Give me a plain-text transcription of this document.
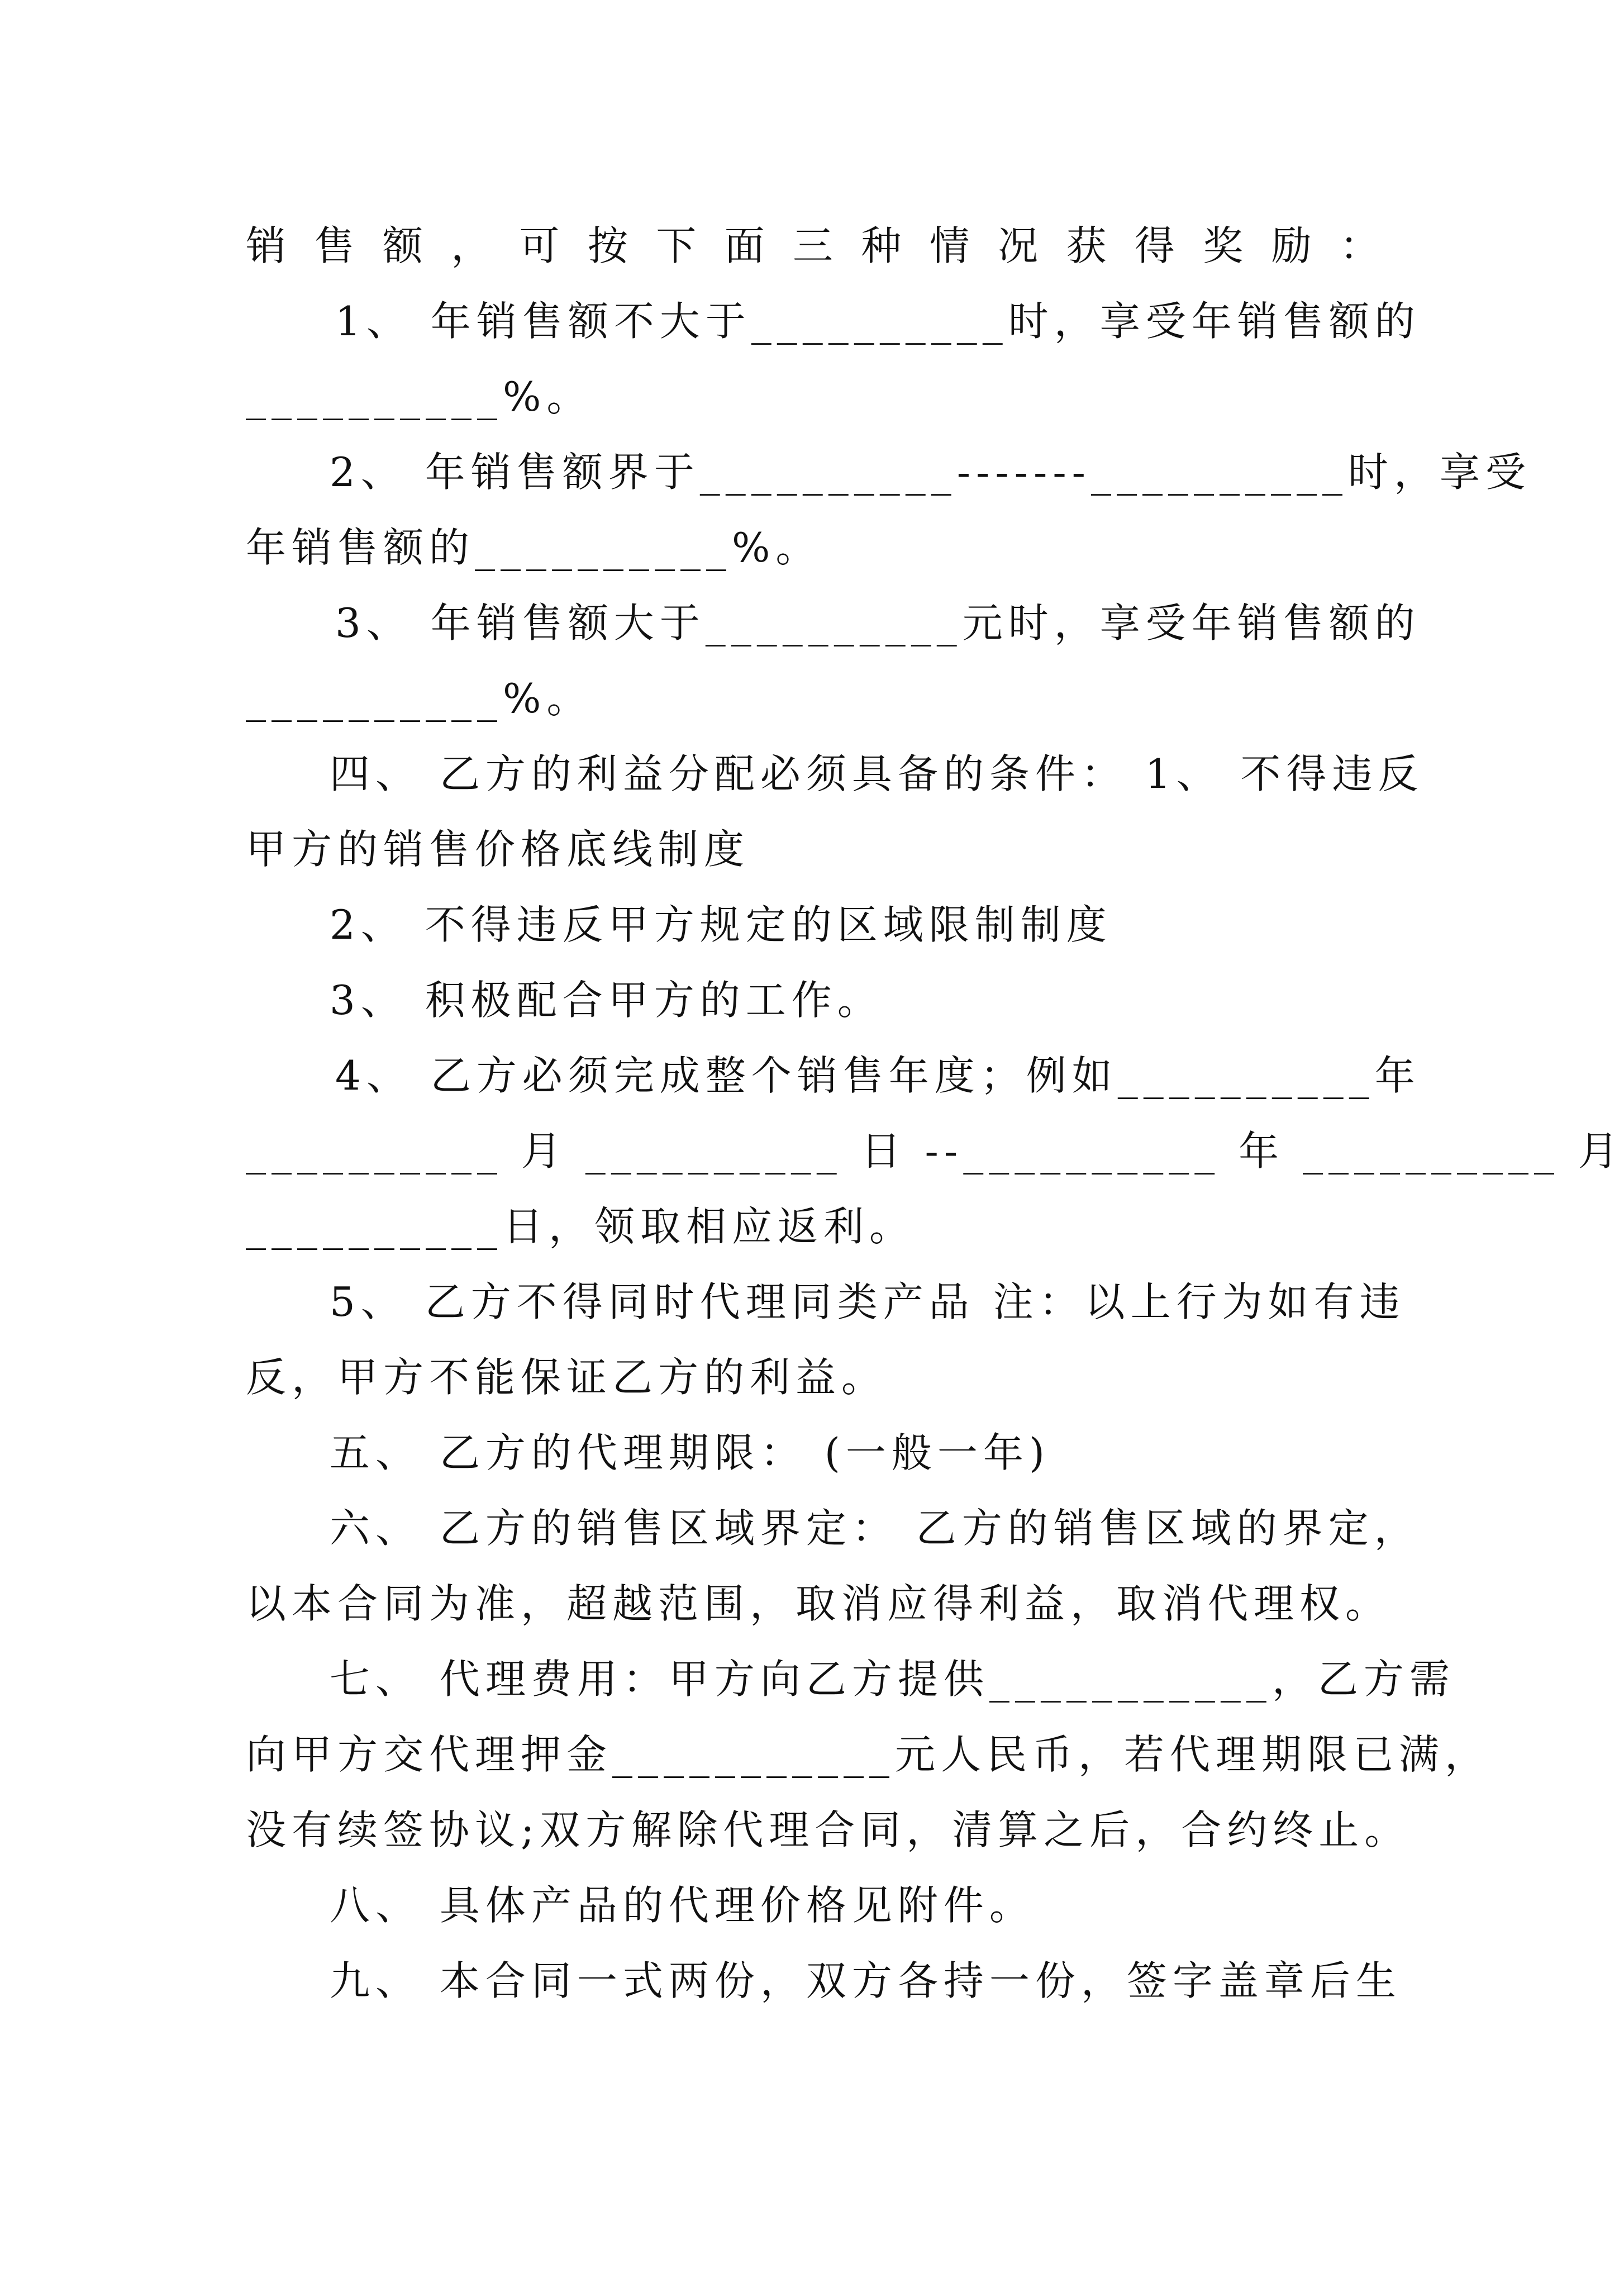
销售额，可按下面三种情况获得奖励：
1、 年销售额不大于__________时，享受年销售额的
__________%。
2、 年销售额界于__________-------__________时，享受
年销售额的__________%。
3、 年销售额大于__________元时，享受年销售额的
__________%。
四、 乙方的利益分配必须具备的条件： 1、 不得违反
甲方的销售价格底线制度
2、 不得违反甲方规定的区域限制制度
3、 积极配合甲方的工作。
4、 乙方必须完成整个销售年度；例如__________年
__________ 月 __________ 日 --__________ 年 __________ 月
__________日，领取相应返利。
5、 乙方不得同时代理同类产品 注：以上行为如有违
反，甲方不能保证乙方的利益。
五、 乙方的代理期限： (一般一年)
六、 乙方的销售区域界定： 乙方的销售区域的界定，
以本合同为准，超越范围，取消应得利益，取消代理权。
七、 代理费用：甲方向乙方提供___________，乙方需
向甲方交代理押金___________元人民币，若代理期限已满，
没有续签协议;双方解除代理合同，清算之后，合约终止。
八、 具体产品的代理价格见附件。
九、 本合同一式两份，双方各持一份，签字盖章后生
